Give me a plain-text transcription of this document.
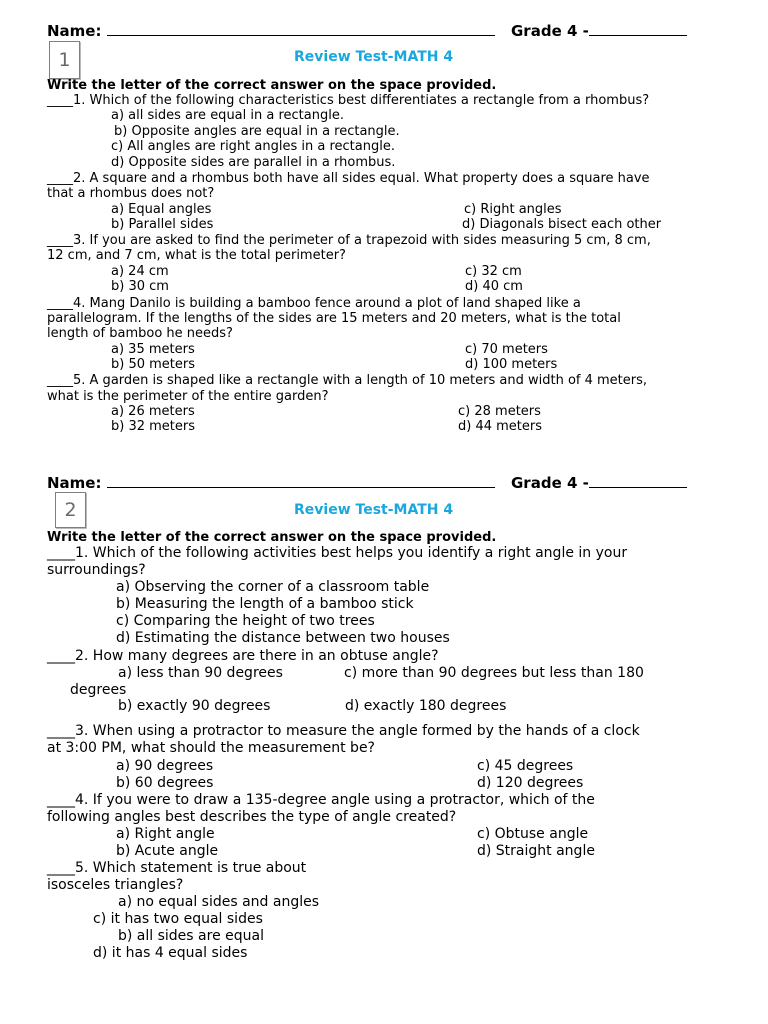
Name:	Grade 4 -
1	Review Test-MATH 4
Write the letter of the correct answer on the space provided.
____1. Which of the following characteristics best differentiates a rectangle from a rhombus?
a) all sides are equal in a rectangle.
b) Opposite angles are equal in a rectangle.
c) All angles are right angles in a rectangle.
d) Opposite sides are parallel in a rhombus.
____2. A square and a rhombus both have all sides equal. What property does a square have
that a rhombus does not?
a) Equal angles	c) Right angles
b) Parallel sides	d) Diagonals bisect each other
____3. If you are asked to find the perimeter of a trapezoid with sides measuring 5 cm, 8 cm,
12 cm, and 7 cm, what is the total perimeter?
a) 24 cm	c) 32 cm
b) 30 cm	d) 40 cm
____4. Mang Danilo is building a bamboo fence around a plot of land shaped like a
parallelogram. If the lengths of the sides are 15 meters and 20 meters, what is the total
length of bamboo he needs?
a) 35 meters	c) 70 meters
b) 50 meters	d) 100 meters
____5. A garden is shaped like a rectangle with a length of 10 meters and width of 4 meters,
what is the perimeter of the entire garden?
a) 26 meters	c) 28 meters
b) 32 meters	d) 44 meters
Name:	Grade 4 -
2	Review Test-MATH 4
Write the letter of the correct answer on the space provided.
____1. Which of the following activities best helps you identify a right angle in your
surroundings?
a) Observing the corner of a classroom table
b) Measuring the length of a bamboo stick
c) Comparing the height of two trees
d) Estimating the distance between two houses
____2. How many degrees are there in an obtuse angle?
a) less than 90 degrees	c) more than 90 degrees but less than 180
degrees
b) exactly 90 degrees	d) exactly 180 degrees
____3. When using a protractor to measure the angle formed by the hands of a clock
at 3:00 PM, what should the measurement be?
a) 90 degrees	c) 45 degrees
b) 60 degrees	d) 120 degrees
____4. If you were to draw a 135-degree angle using a protractor, which of the
following angles best describes the type of angle created?
a) Right angle	c) Obtuse angle
b) Acute angle	d) Straight angle
____5. Which statement is true about
isosceles triangles?
a) no equal sides and angles
c) it has two equal sides
b) all sides are equal
d) it has 4 equal sides
